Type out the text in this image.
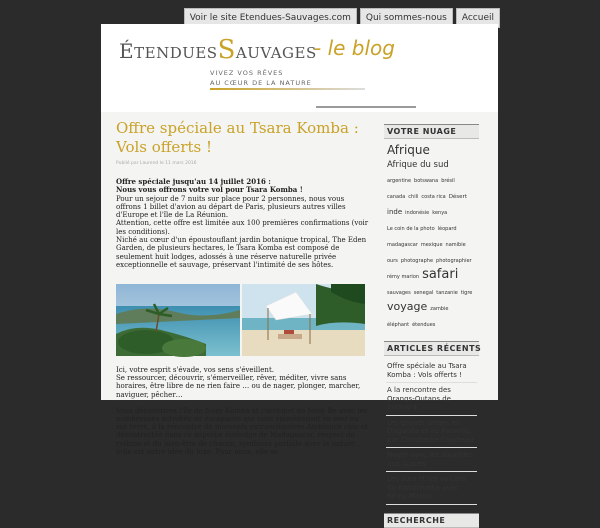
Voir le site Etendues-Sauvages.com	Qui sommes-nous	Accueil
ÉTENDUESSAUVAGES
- le blog
VIVEZ VOS RÊVES
AU CŒUR DE LA NATURE
Offre spéciale au Tsara Komba : Vols offerts !
Publié par Laurend le 11 mars 2016
Offre spéciale jusqu'au 14 juillet 2016 :
Nous vous offrons votre vol pour Tsara Komba !
Pour un sejour de 7 nuits sur place pour 2 personnes, nous vous offrons 1 billet d'avion au départ de Paris, plusieurs autres villes d'Europe et l'île de La Réunion.
Attention, cette offre est limitée aux 100 premières confirmations (voir les conditions).
Niché au cœur d'un époustouflant jardin botanique tropical, The Eden Garden, de plusieurs hectares, le Tsara Komba est composé de seulement huit lodges, adossés à une réserve naturelle privée exceptionnelle et sauvage, préservant l'intimité de ses hôtes.

Ici, votre esprit s'évade, vos sens s'éveillent.
Se ressourcer, découvrir, s'émerveiller, rêver, méditer, vivre sans horaires, être libre de ne rien faire … ou de nager, plonger, marcher, naviguer, pêcher…

Vous découvrirez l'île de Nosy Komba et l'archipel de Nosy Be avec les nombreuses activités ou escapades qui vous emmèneront en mer ou sur terre, à la rencontre de moments extraordinaires.Ambiance chic et décontractée dans ce superbe écolodge de Madagascar, respect du rythme et du bien-être de chacun, symbiose parfaite avec la nature… telle est notre idée du luxe. Pour nous, elle se

VOTRE NUAGE
AfriqueAfrique du sudargentine botswana brésilcanada chili costa rica Désertinde indonésie kenyaLe coin de la photo léopardmadagascar mexique namibieours photographe photographierrémy marion safarisauvages senegal tanzanie tigrevoyage zambieéléphant étendues
ARTICLES RÉCENTS
Offre spéciale au Tsara Komba : Vols offerts !
A la rencontre des Orangs-Outans de Sumatra
Les grands singes en Ouganda et au Rwanda, par Christophe Courteau
Nager avec les dauphins aux Açores
Les ours et les volcans du Kamtchatka avec Rémy Marion
RECHERCHE
